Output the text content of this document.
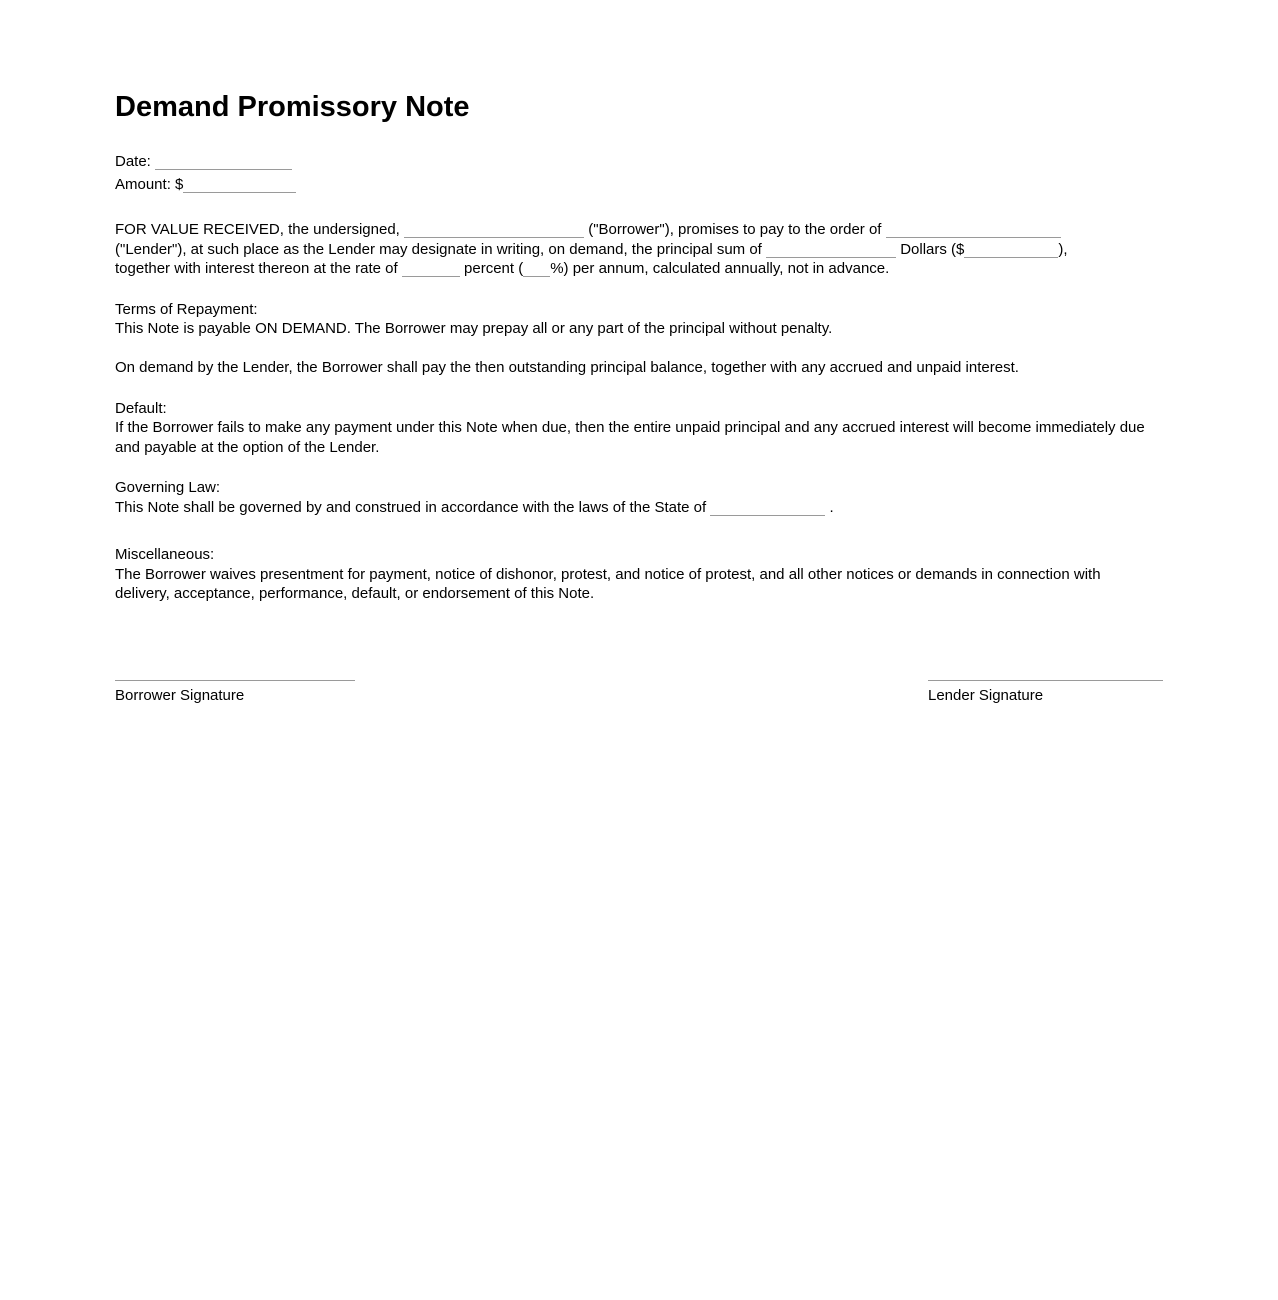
Demand Promissory Note
Date:
Amount: $
FOR VALUE RECEIVED, the undersigned,	("Borrower"), promises to pay to the order of
("Lender"), at such place as the Lender may designate in writing, on demand, the principal sum of	Dollars ($	),
together with interest thereon at the rate of	percent ( %) per annum, calculated annually, not in advance.
Terms of Repayment:
This Note is payable ON DEMAND. The Borrower may prepay all or any part of the principal without penalty.
On demand by the Lender, the Borrower shall pay the then outstanding principal balance, together with any accrued and unpaid interest.
Default:
If the Borrower fails to make any payment under this Note when due, then the entire unpaid principal and any accrued interest will become immediately due and payable at the option of the Lender.
Governing Law:
This Note shall be governed by and construed in accordance with the laws of the State of	.
Miscellaneous:
The Borrower waives presentment for payment, notice of dishonor, protest, and notice of protest, and all other notices or demands in connection with delivery, acceptance, performance, default, or endorsement of this Note.
Borrower Signature	Lender Signature
